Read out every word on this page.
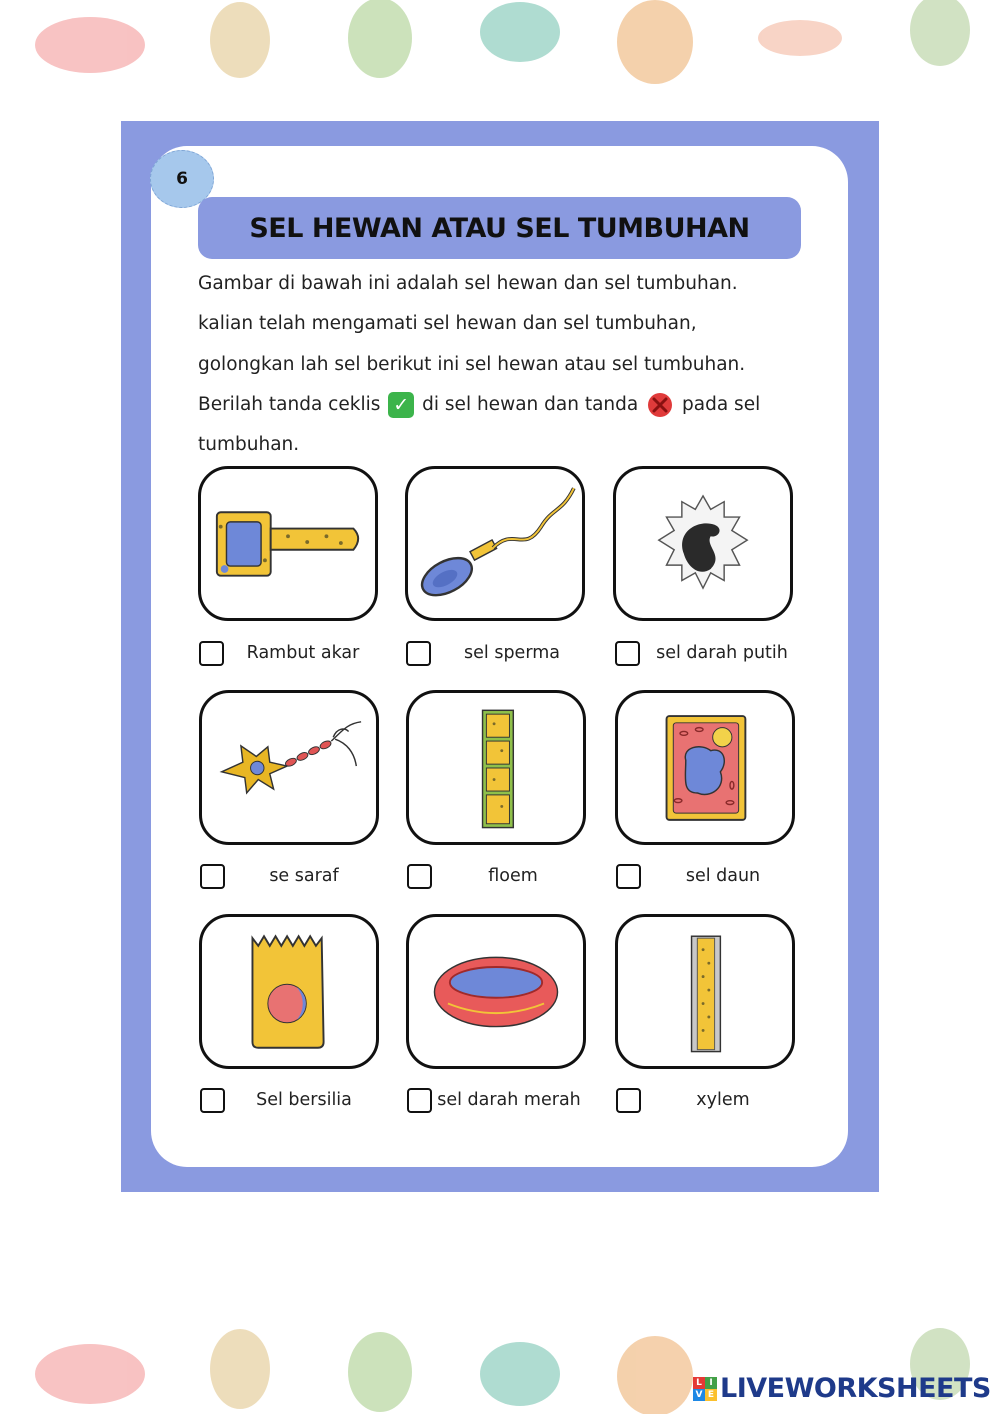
6
SEL HEWAN ATAU SEL TUMBUHAN
Gambar di bawah ini adalah sel hewan dan sel tumbuhan.
kalian telah mengamati sel hewan dan sel tumbuhan,
golongkan lah sel berikut ini sel hewan atau sel tumbuhan.
Berilah tanda ceklis ✓ di sel hewan dan tanda pada sel
tumbuhan.
Rambut akar	sel sperma	sel darah putih
se saraf	floem	sel daun
Sel bersilia	sel darah merah	xylem
L I
V E LIVEWORKSHEETS
